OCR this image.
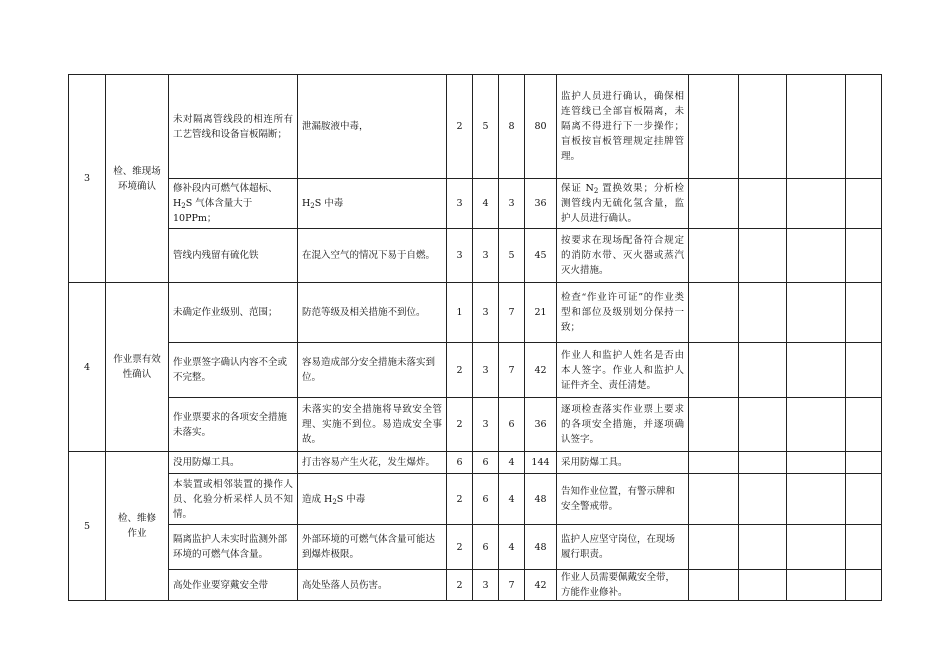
3	检、维现场环境确认	未对隔离管线段的相连所有工艺管线和设备盲板隔断；	泄漏胺液中毒，	2	5	8	80	监护人员进行确认，确保相连管线已全部盲板隔离，未隔离不得进行下一步操作；盲板按盲板管理规定挂牌管理。				
		修补段内可燃气体超标、$H_2S$ 气体含量大于 10PPm；	$H_2S$ 中毒	3	4	3	36	保证 $N_2$ 置换效果；分析检测管线内无硫化氢含量，监护人员进行确认。				
		管线内残留有硫化铁	在混入空气的情况下易于自燃。	3	3	5	45	按要求在现场配备符合规定的消防水带、灭火器或蒸汽灭火措施。				
4	作业票有效性确认	未确定作业级别、范围；	防范等级及相关措施不到位。	1	3	7	21	检查“作业许可证”的作业类型和部位及级别划分保持一致；				
		作业票签字确认内容不全或不完整。	容易造成部分安全措施未落实到位。	2	3	7	42	作业人和监护人姓名是否由本人签字。作业人和监护人证件齐全、责任清楚。				
		作业票要求的各项安全措施未落实。	未落实的安全措施将导致安全管理、实施不到位。易造成安全事故。	2	3	6	36	逐项检查落实作业票上要求的各项安全措施，并逐项确认签字。				
5	检、维修作业	没用防爆工具。	打击容易产生火花，发生爆炸。	6	6	4	144	采用防爆工具。				
		本装置或相邻装置的操作人员、化验分析采样人员不知情。	造成 $H_2S$ 中毒	2	6	4	48	告知作业位置，有警示牌和安全警戒带。				
		隔离监护人未实时监测外部环境的可燃气体含量。	外部环境的可燃气体含量可能达到爆炸极限。	2	6	4	48	监护人应坚守岗位，在现场履行职责。				
		高处作业要穿戴安全带	高处坠落人员伤害。	2	3	7	42	作业人员需要佩戴安全带，方能作业修补。				
